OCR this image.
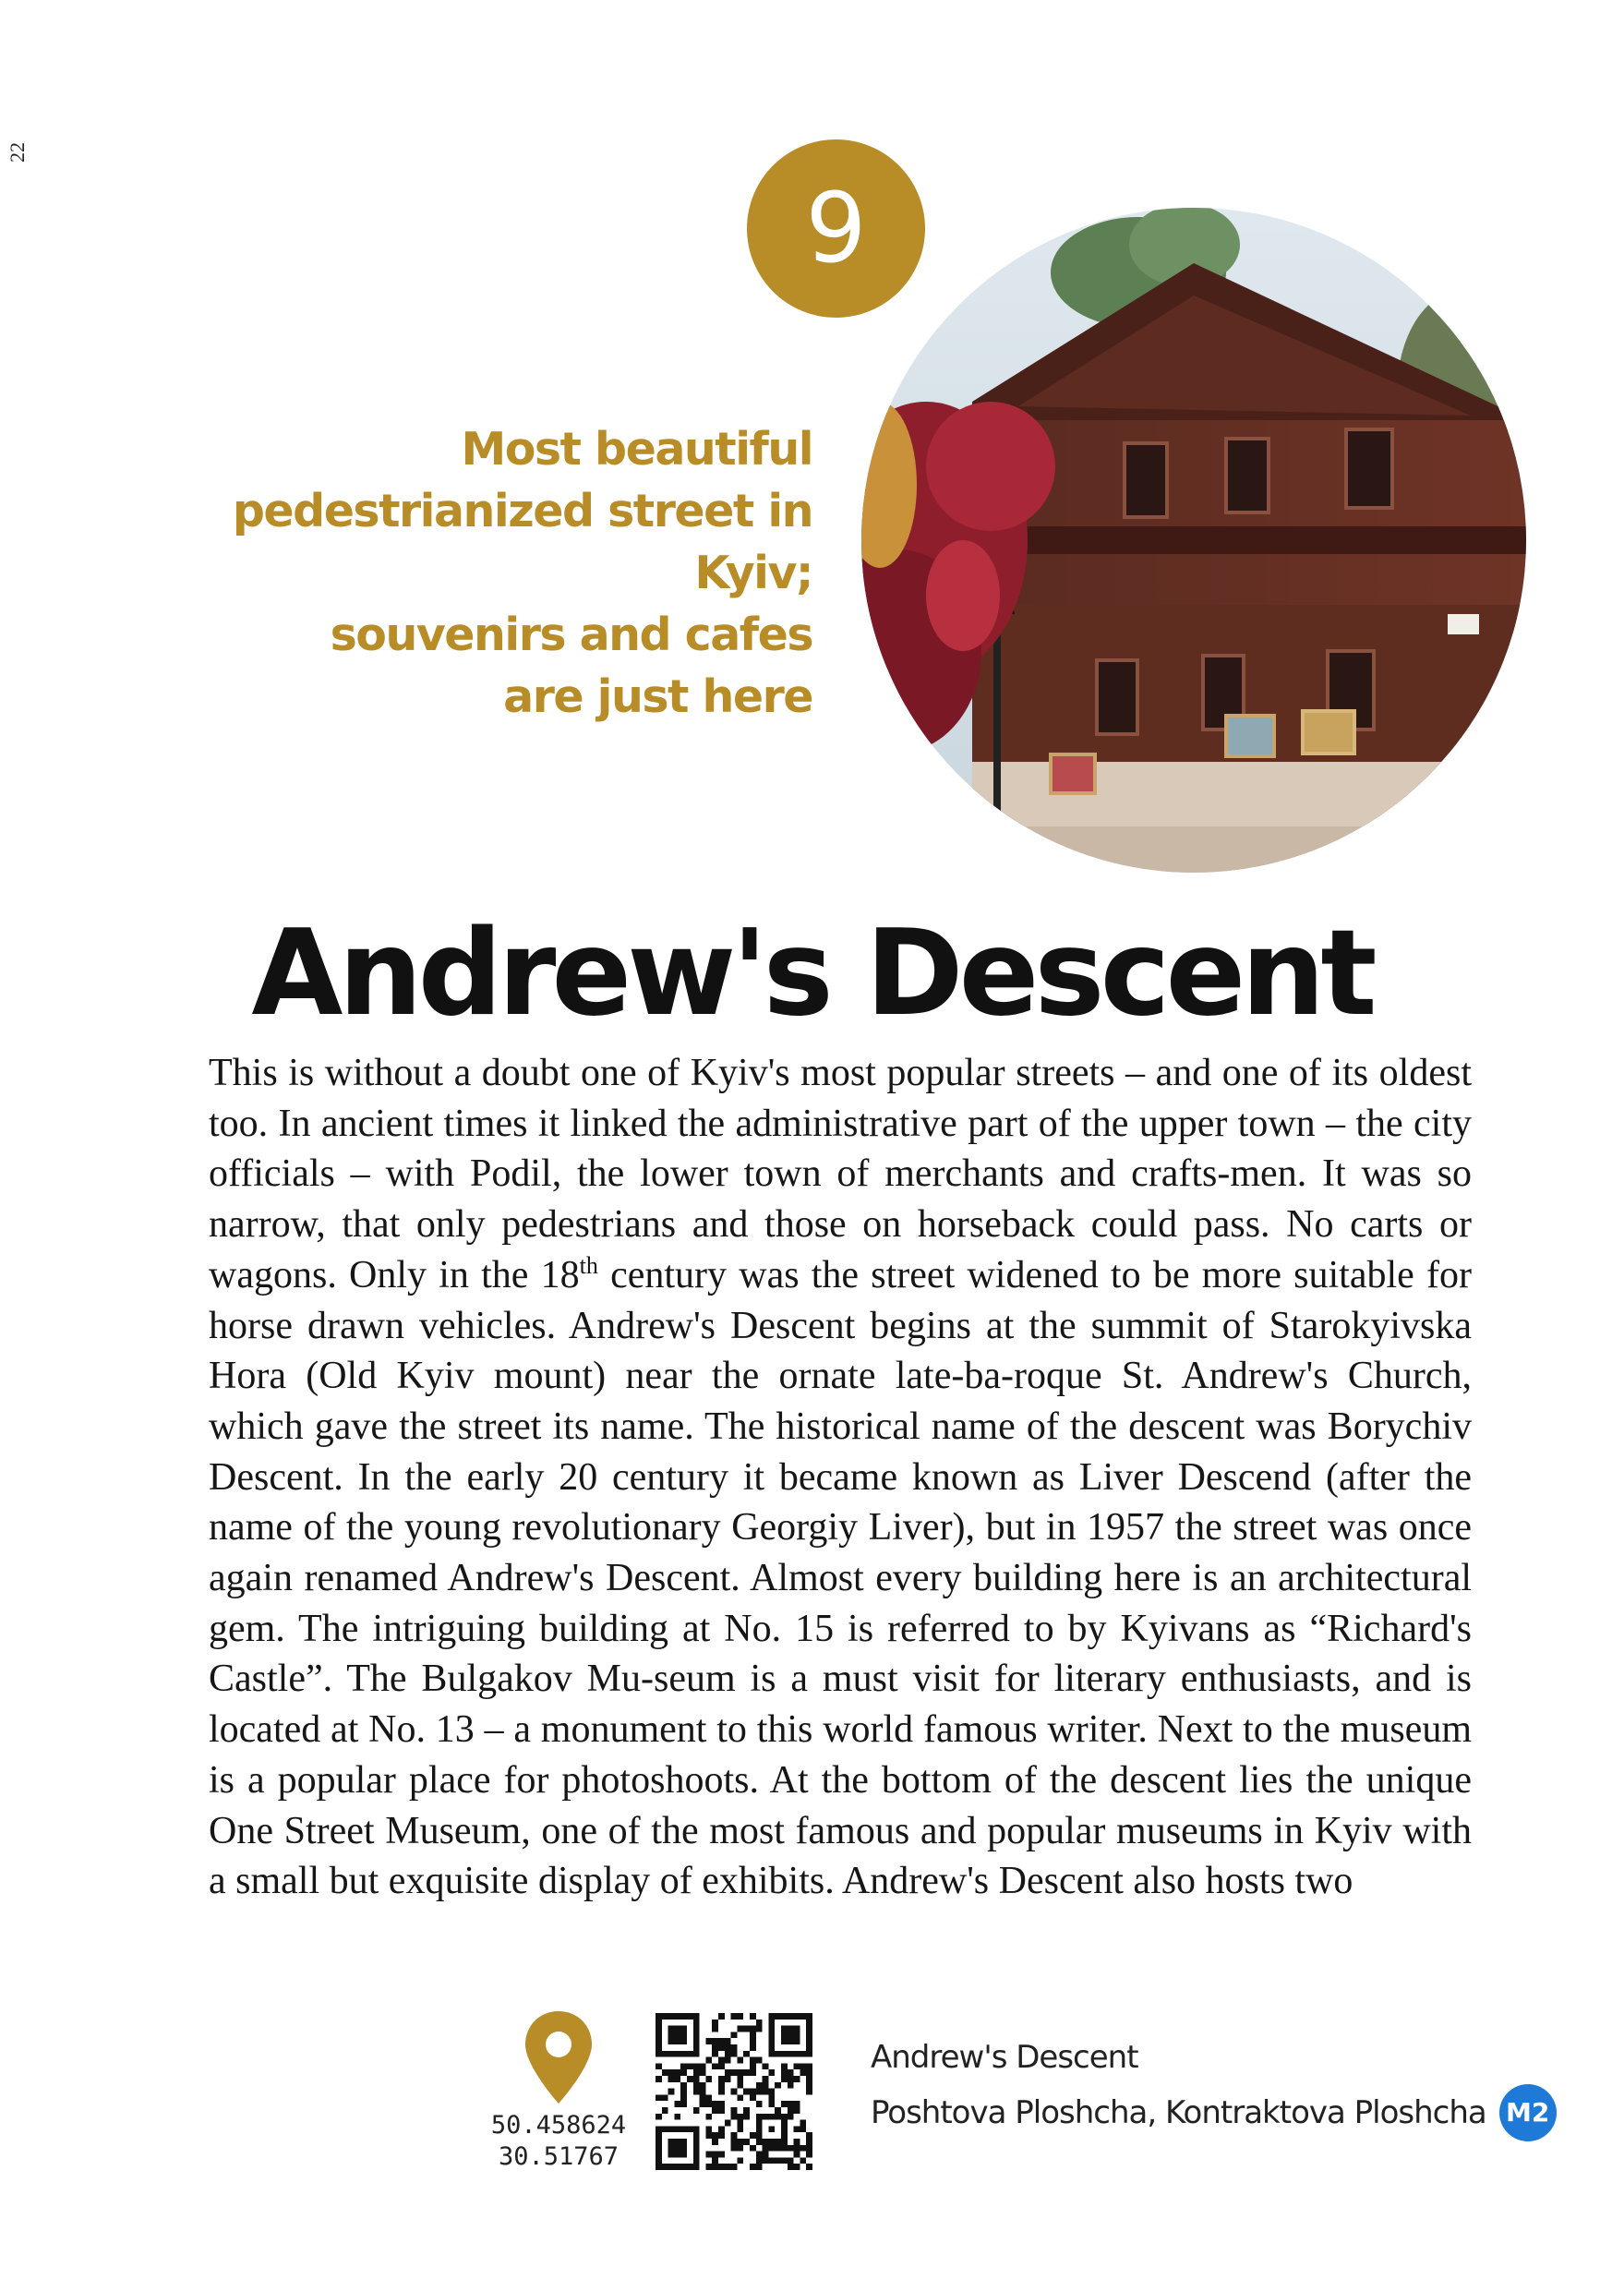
22
9
Most beautiful
pedestrianized street in Kyiv;
souvenirs and cafes
are just here
Andrew's Descent
This is without a doubt one of Kyiv's most popular streets – and one of its oldest too. In ancient times it linked the administrative part of the upper town – the city officials – with Podil, the lower town of merchants and crafts-men. It was so narrow, that only pedestrians and those on horseback could pass. No carts or wagons. Only in the 18th century was the street widened to be more suitable for horse drawn vehicles. Andrew's Descent begins at the summit of Starokyivska Hora (Old Kyiv mount) near the ornate late-ba-roque St. Andrew's Church, which gave the street its name. The historical name of the descent was Borychiv Descent. In the early 20 century it became known as Liver Descend (after the name of the young revolutionary Georgiy Liver), but in 1957 the street was once again renamed Andrew's Descent. Almost every building here is an architectural gem. The intriguing building at No. 15 is referred to by Kyivans as “Richard's Castle”. The Bulgakov Mu-seum is a must visit for literary enthusiasts, and is located at No. 13 – a monument to this world famous writer. Next to the museum is a popular place for photoshoots. At the bottom of the descent lies the unique One Street Museum, one of the most famous and popular museums in Kyiv with a small but exquisite display of exhibits. Andrew's Descent also hosts two
50.458624
30.51767
Andrew's Descent
Poshtova Ploshcha, Kontraktova Ploshcha M2
